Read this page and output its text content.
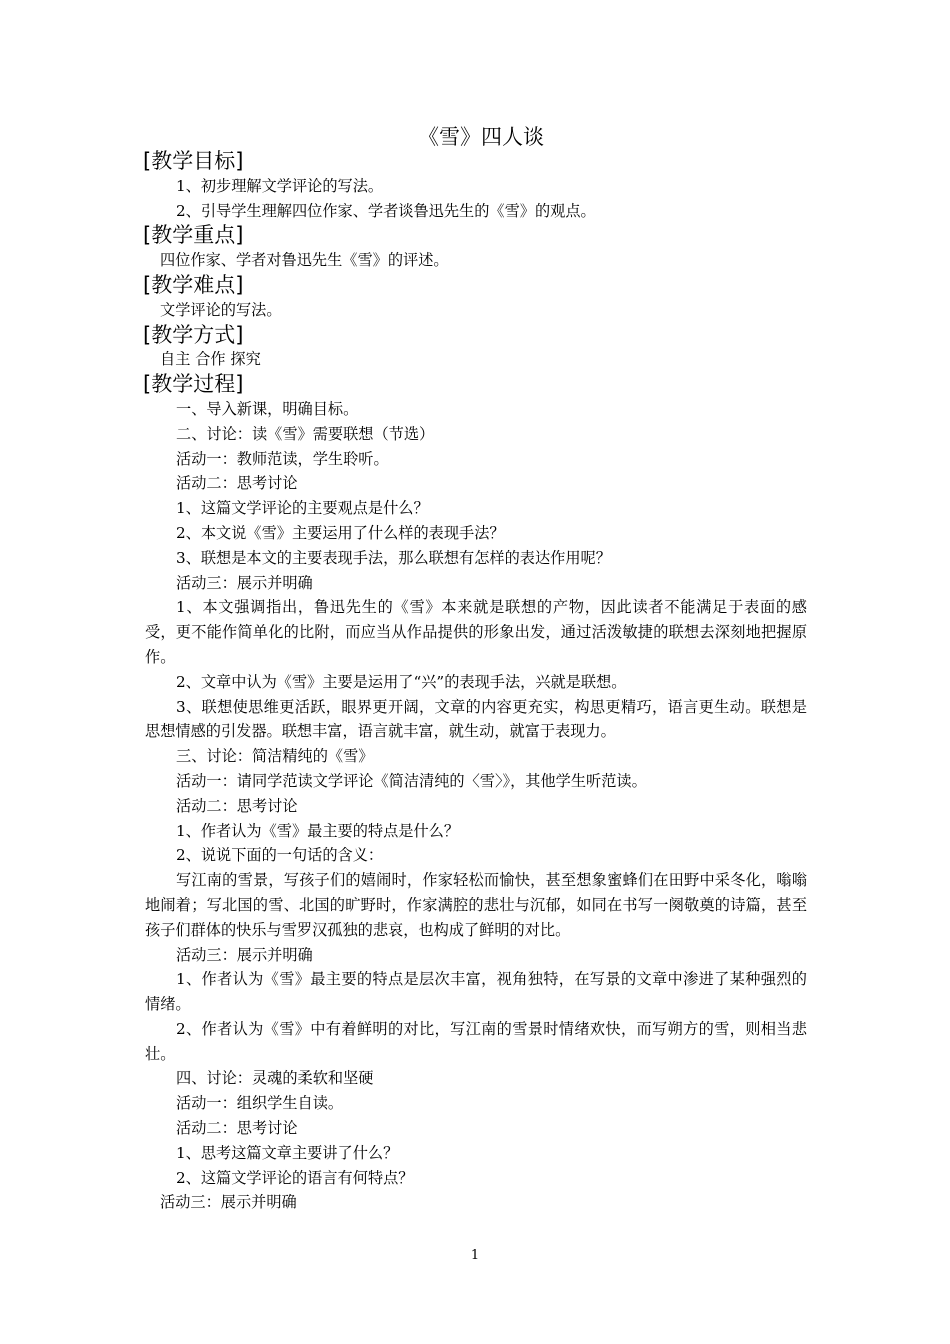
《雪》四人谈
[教学目标]
1、初步理解文学评论的写法。
2、引导学生理解四位作家、学者谈鲁迅先生的《雪》的观点。
[教学重点]
四位作家、学者对鲁迅先生《雪》的评述。
[教学难点]
文学评论的写法。
[教学方式]
自主 合作 探究
[教学过程]
一、导入新课，明确目标。
二、讨论：读《雪》需要联想（节选）
活动一：教师范读，学生聆听。
活动二：思考讨论
1、这篇文学评论的主要观点是什么？
2、本文说《雪》主要运用了什么样的表现手法？
3、联想是本文的主要表现手法，那么联想有怎样的表达作用呢？
活动三：展示并明确
1、本文强调指出，鲁迅先生的《雪》本来就是联想的产物，因此读者不能满足于表面的感受，更不能作简单化的比附，而应当从作品提供的形象出发，通过活泼敏捷的联想去深刻地把握原作。
2、文章中认为《雪》主要是运用了“兴”的表现手法，兴就是联想。
3、联想使思维更活跃，眼界更开阔，文章的内容更充实，构思更精巧，语言更生动。联想是思想情感的引发器。联想丰富，语言就丰富，就生动，就富于表现力。
三、讨论：简洁精纯的《雪》
活动一：请同学范读文学评论《简洁清纯的〈雪〉》，其他学生听范读。
活动二：思考讨论
1、作者认为《雪》最主要的特点是什么？
2、说说下面的一句话的含义：
写江南的雪景，写孩子们的嬉闹时，作家轻松而愉快，甚至想象蜜蜂们在田野中采冬化，嗡嗡地闹着；写北国的雪、北国的旷野时，作家满腔的悲壮与沉郁，如同在书写一阕敬奠的诗篇，甚至孩子们群体的快乐与雪罗汉孤独的悲哀，也构成了鲜明的对比。
活动三：展示并明确
1、作者认为《雪》最主要的特点是层次丰富，视角独特，在写景的文章中渗进了某种强烈的情绪。
2、作者认为《雪》中有着鲜明的对比，写江南的雪景时情绪欢快，而写朔方的雪，则相当悲壮。
四、讨论：灵魂的柔软和坚硬
活动一：组织学生自读。
活动二：思考讨论
1、思考这篇文章主要讲了什么？
2、这篇文学评论的语言有何特点？
活动三：展示并明确
1
